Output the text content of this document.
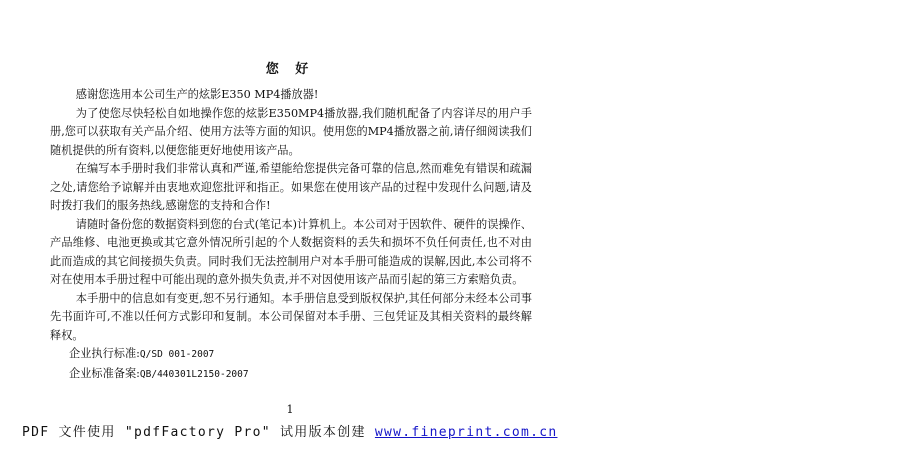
您 好

感谢您选用本公司生产的炫影E350 MP4播放器!

为了使您尽快轻松自如地操作您的炫影E350MP4播放器,我们随机配备了内容详尽的用户手册,您可以获取有关产品介绍、使用方法等方面的知识。使用您的MP4播放器之前,请仔细阅读我们随机提供的所有资料,以便您能更好地使用该产品。

在编写本手册时我们非常认真和严谨,希望能给您提供完备可靠的信息,然而难免有错误和疏漏之处,请您给予谅解并由衷地欢迎您批评和指正。如果您在使用该产品的过程中发现什么问题,请及时拨打我们的服务热线,感谢您的支持和合作!

请随时备份您的数据资料到您的台式(笔记本)计算机上。本公司对于因软件、硬件的误操作、产品维修、电池更换或其它意外情况所引起的个人数据资料的丢失和损坏不负任何责任,也不对由此而造成的其它间接损失负责。同时我们无法控制用户对本手册可能造成的误解,因此,本公司将不对在使用本手册过程中可能出现的意外损失负责,并不对因使用该产品而引起的第三方索赔负责。

本手册中的信息如有变更,恕不另行通知。本手册信息受到版权保护,其任何部分未经本公司事先书面许可,不准以任何方式影印和复制。本公司保留对本手册、三包凭证及其相关资料的最终解释权。

企业执行标准:Q/SD 001-2007
企业标准备案:QB/440301L2150-2007
1
PDF 文件使用 "pdfFactory Pro" 试用版本创建 www.fineprint.com.cn
